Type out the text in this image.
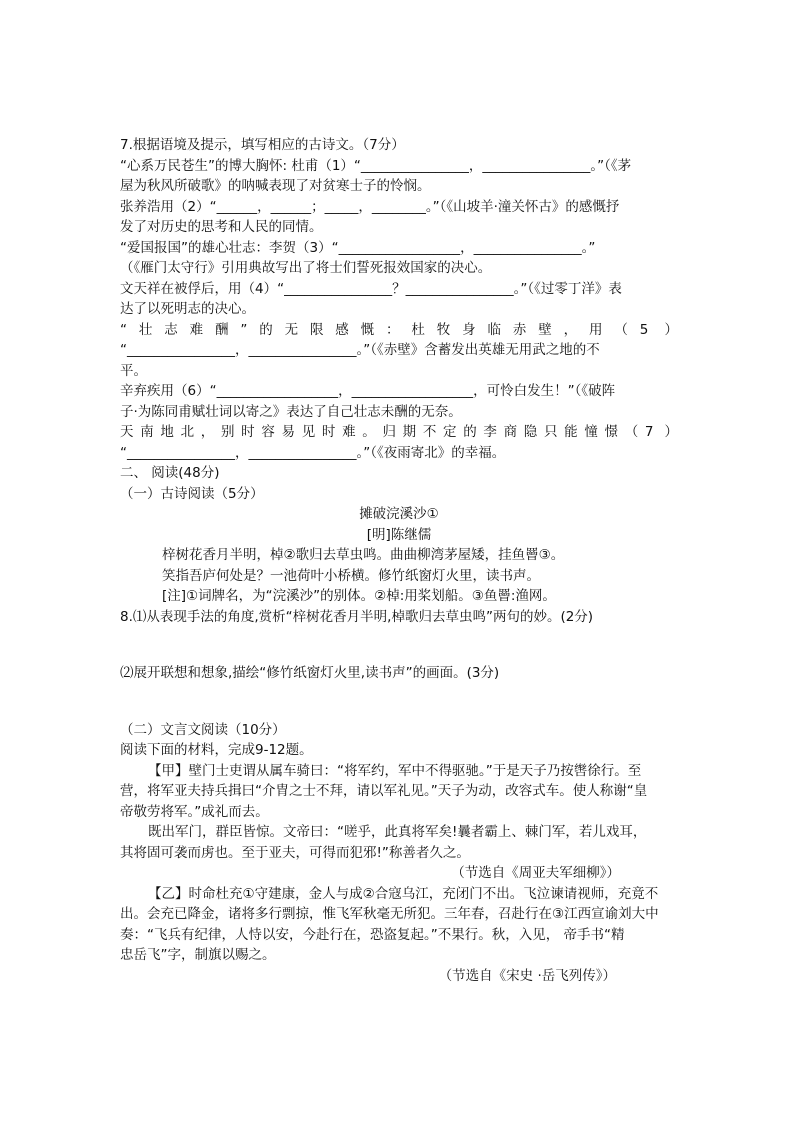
7.根据语境及提示，填写相应的古诗文。（7分）

“心系万民苍生”的博大胸怀: 杜甫（1）“________________，________________。”（《茅

屋为秋风所破歌》的呐喊表现了对贫寒士子的怜悯。

张养浩用（2）“______，______；_____，________。”（《山坡羊·潼关怀古》的感慨抒

发了对历史的思考和人民的同情。

“爱国报国”的雄心壮志：李贺（3）“__________________，________________。”

（《雁门太守行》引用典故写出了将士们誓死报效国家的决心。

文天祥在被俘后，用（4）“________________？________________。”（《过零丁洋》表

达了以死明志的决心。

“壮志难酬”的无限感慨：杜牧身临赤壁，用（5 ）

“________________，________________。”（《赤壁》含蓄发出英雄无用武之地的不

平。

辛弃疾用（6）“__________________，__________________，可怜白发生！”（《破阵

子·为陈同甫赋壮词以寄之》表达了自己壮志未酬的无奈。

天南地北，别时容易见时难。归期不定的李商隐只能憧憬（7 ）

“________________，________________。”（《夜雨寄北》的幸福。

二、 阅读(48分)

（一）古诗阅读（5分）

摊破浣溪沙①

[明]陈继儒

梓树花香月半明，棹②歌归去草虫鸣。曲曲柳湾茅屋矮，挂鱼罾③。

笑指吾庐何处是？一池荷叶小桥横。修竹纸窗灯火里，读书声。

[注]①词牌名，为“浣溪沙”的别体。②棹:用桨划船。③鱼罾:渔网。

8.⑴从表现手法的角度,赏析“梓树花香月半明,棹歌归去草虫鸣”两句的妙。(2分)

⑵展开联想和想象,描绘“修竹纸窗灯火里,读书声”的画面。(3分)

（二）文言文阅读（10分）

阅读下面的材料，完成9-12题。

【甲】壁门士吏谓从属车骑曰：“将军约，军中不得驱驰。”于是天子乃按辔徐行。至

营，将军亚夫持兵揖曰“介胄之士不拜，请以军礼见。”天子为动，改容式车。使人称谢“皇

帝敬劳将军。”成礼而去。

既出军门，群臣皆惊。文帝曰：“嗟乎，此真将军矣!曩者霸上、棘门军，若儿戏耳，

其将固可袭而虏也。至于亚夫，可得而犯邪!”称善者久之。

（节选自《周亚夫军细柳》）

【乙】时命杜充①守建康，金人与成②合寇乌江，充闭门不出。飞泣谏请视师，充竟不

出。会充已降金，诸将多行剽掠，惟飞军秋毫无所犯。三年春，召赴行在③江西宣谕刘大中

奏：“飞兵有纪律，人恃以安，今赴行在，恐盗复起。”不果行。秋，入见， 帝手书“精

忠岳飞”字，制旗以赐之。

（节选自《宋史 ·岳飞列传》）
